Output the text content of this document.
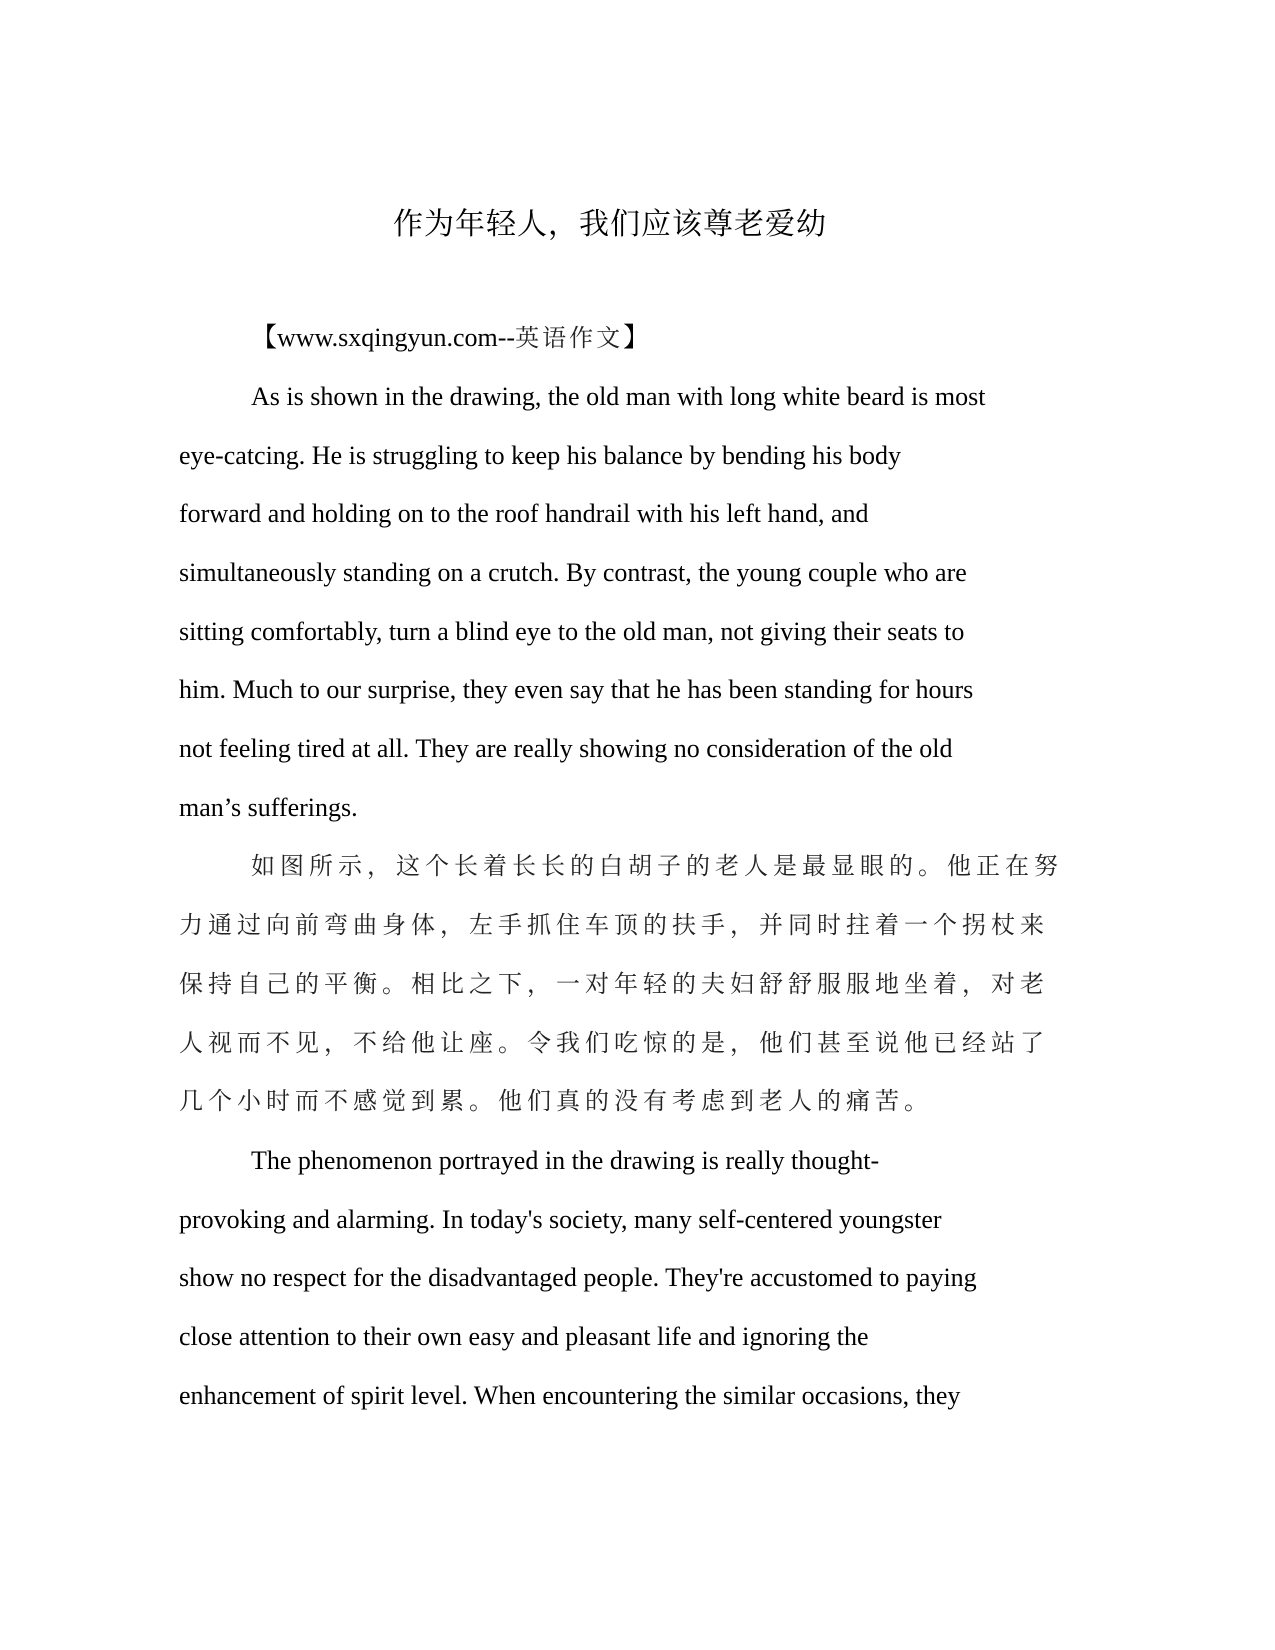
作为年轻人，我们应该尊老爱幼
【www.sxqingyun.com--英语作文】
As is shown in the drawing, the old man with long white beard is most
eye-catcing. He is struggling to keep his balance by bending his body
forward and holding on to the roof handrail with his left hand, and
simultaneously standing on a crutch. By contrast, the young couple who are
sitting comfortably, turn a blind eye to the old man, not giving their seats to
him. Much to our surprise, they even say that he has been standing for hours
not feeling tired at all. They are really showing no consideration of the old
man’s sufferings.
如图所示，这个长着长长的白胡子的老人是最显眼的。他正在努
力通过向前弯曲身体，左手抓住车顶的扶手，并同时拄着一个拐杖来
保持自己的平衡。相比之下，一对年轻的夫妇舒舒服服地坐着，对老
人视而不见，不给他让座。令我们吃惊的是，他们甚至说他已经站了
几个小时而不感觉到累。他们真的没有考虑到老人的痛苦。
The phenomenon portrayed in the drawing is really thought-
provoking and alarming. In today's society, many self-centered youngster
show no respect for the disadvantaged people. They're accustomed to paying
close attention to their own easy and pleasant life and ignoring the
enhancement of spirit level. When encountering the similar occasions, they
